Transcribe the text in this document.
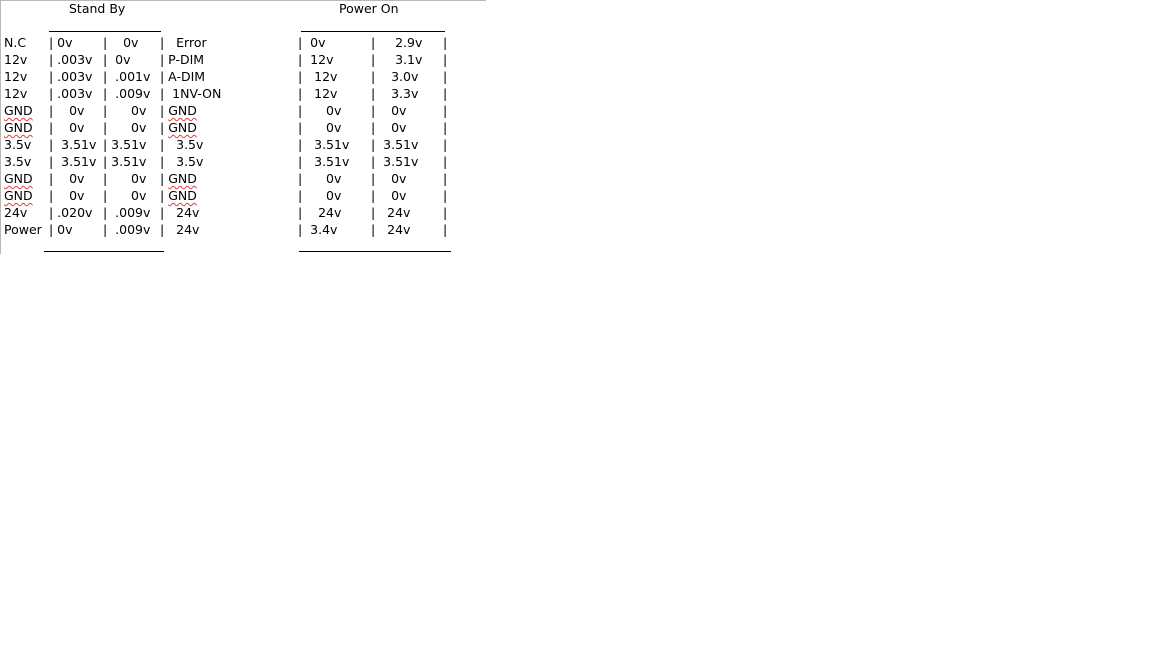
Stand By	Power On
N.C | 0v |    0v |   Error	|  0v	|     2.9v |
12v | .003v |  0v | P-DIM	|  12v	|     3.1v |
12v | .003v |  .001v | A-DIM	|   12v	|    3.0v |
12v | .003v |  .009v |  1NV-ON	|   12v	|    3.3v |
GND |    0v |      0v | GND	|      0v |    0v	|
GND |    0v |      0v | GND	|      0v |    0v	|
3.5v |  3.51v | 3.51v |   3.5v	|   3.51v |  3.51v |
3.5v |  3.51v | 3.51v |   3.5v	|   3.51v |  3.51v |
GND |    0v |      0v | GND	|      0v |    0v	|
GND |    0v |      0v | GND	|      0v |    0v	|
24v | .020v |  .009v |   24v	|    24v |   24v	|
Power | 0v |  .009v |   24v	|  3.4v	|   24v	|
